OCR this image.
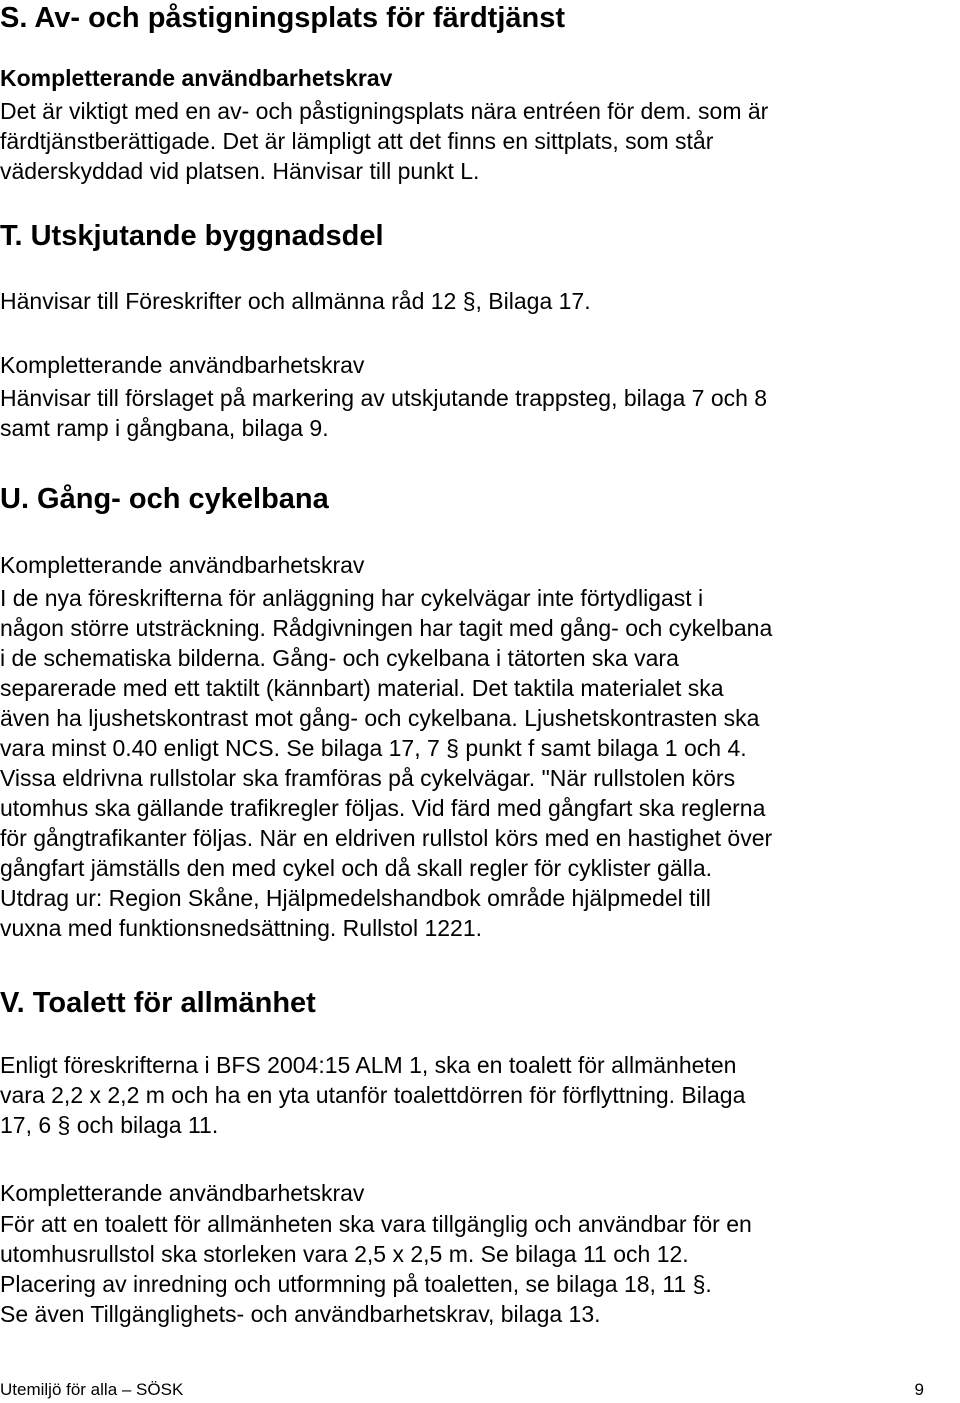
S. Av- och påstigningsplats för färdtjänst
Kompletterande användbarhetskrav
Det är viktigt med en av- och påstigningsplats nära entréen för dem. som är
färdtjänstberättigade. Det är lämpligt att det finns en sittplats, som står
väderskyddad vid platsen. Hänvisar till punkt L.
T. Utskjutande byggnadsdel
Hänvisar till Föreskrifter och allmänna råd 12 §, Bilaga 17.
Kompletterande användbarhetskrav
Hänvisar till förslaget på markering av utskjutande trappsteg, bilaga 7 och 8
samt ramp i gångbana, bilaga 9.
U. Gång- och cykelbana
Kompletterande användbarhetskrav
I de nya föreskrifterna för anläggning har cykelvägar inte förtydligast i
någon större utsträckning. Rådgivningen har tagit med gång- och cykelbana
i de schematiska bilderna. Gång- och cykelbana i tätorten ska vara
separerade med ett taktilt (kännbart) material. Det taktila materialet ska
även ha ljushetskontrast mot gång- och cykelbana. Ljushetskontrasten ska
vara minst 0.40 enligt NCS. Se bilaga 17, 7 § punkt f samt bilaga 1 och 4.
Vissa eldrivna rullstolar ska framföras på cykelvägar. "När rullstolen körs
utomhus ska gällande trafikregler följas. Vid färd med gångfart ska reglerna
för gångtrafikanter följas. När en eldriven rullstol körs med en hastighet över
gångfart jämställs den med cykel och då skall regler för cyklister gälla.
Utdrag ur: Region Skåne, Hjälpmedelshandbok område hjälpmedel till
vuxna med funktionsnedsättning. Rullstol 1221.
V. Toalett för allmänhet
Enligt föreskrifterna i BFS 2004:15 ALM 1, ska en toalett för allmänheten
vara 2,2 x 2,2 m och ha en yta utanför toalettdörren för förflyttning. Bilaga
17, 6 § och bilaga 11.
Kompletterande användbarhetskrav
För att en toalett för allmänheten ska vara tillgänglig och användbar för en
utomhusrullstol ska storleken vara 2,5 x 2,5 m. Se bilaga 11 och 12.
Placering av inredning och utformning på toaletten, se bilaga 18, 11 §.
Se även Tillgänglighets- och användbarhetskrav, bilaga 13.
Utemiljö för alla – SÖSK	9
